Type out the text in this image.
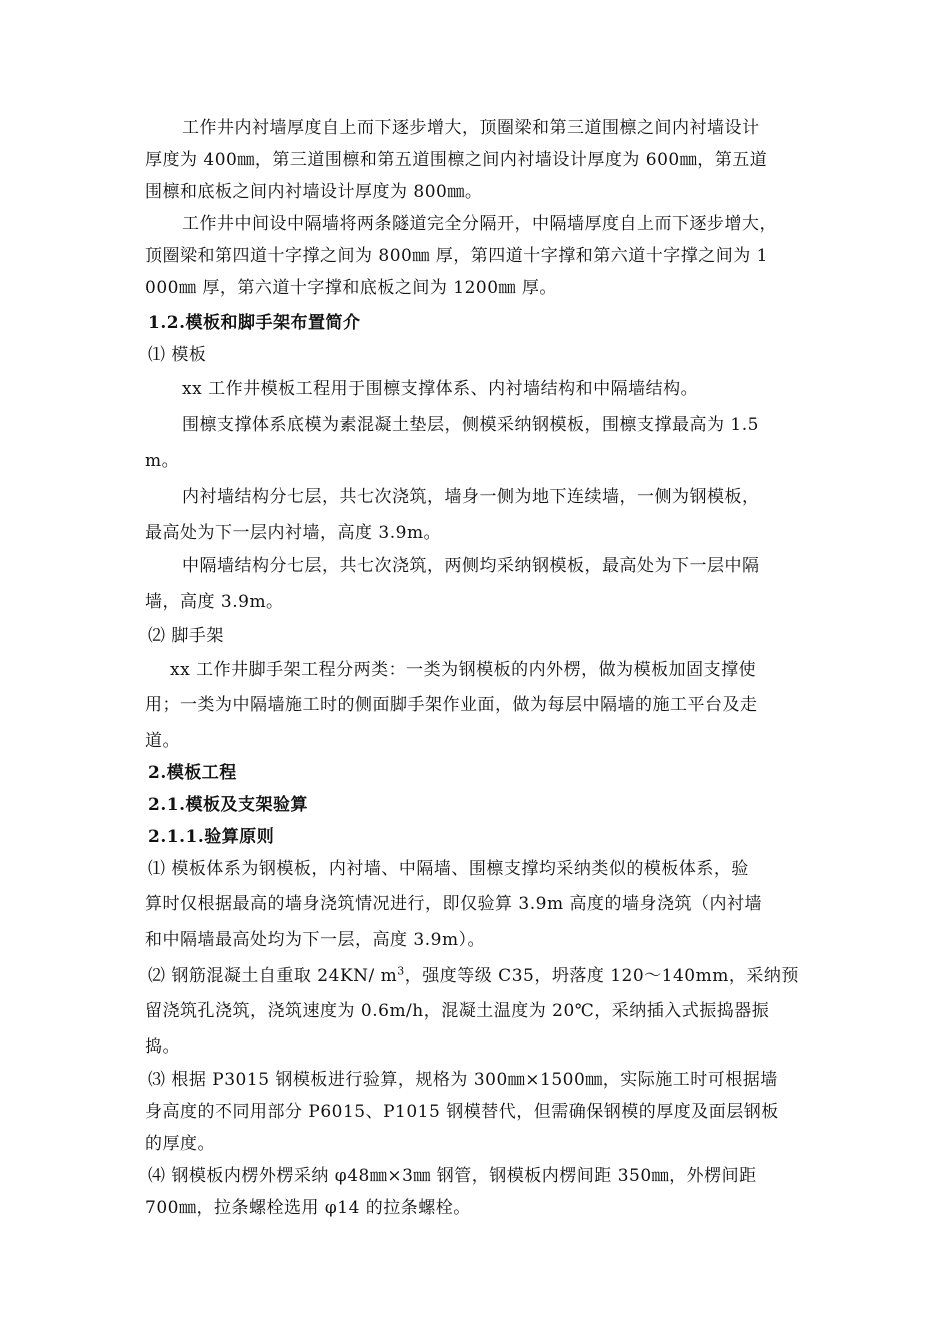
工作井内衬墙厚度自上而下逐步增大，顶圈梁和第三道围檩之间内衬墙设计
厚度为 400㎜，第三道围檩和第五道围檩之间内衬墙设计厚度为 600㎜，第五道
围檩和底板之间内衬墙设计厚度为 800㎜。
工作井中间设中隔墙将两条隧道完全分隔开，中隔墙厚度自上而下逐步增大，
顶圈梁和第四道十字撑之间为 800㎜ 厚，第四道十字撑和第六道十字撑之间为 1
000㎜ 厚，第六道十字撑和底板之间为 1200㎜ 厚。
1.2.模板和脚手架布置简介
⑴ 模板
xx 工作井模板工程用于围檩支撑体系、内衬墙结构和中隔墙结构。
围檩支撑体系底模为素混凝土垫层，侧模采纳钢模板，围檩支撑最高为 1.5
m。
内衬墙结构分七层，共七次浇筑，墙身一侧为地下连续墙，一侧为钢模板，
最高处为下一层内衬墙，高度 3.9m。
中隔墙结构分七层，共七次浇筑，两侧均采纳钢模板，最高处为下一层中隔
墙，高度 3.9m。
⑵ 脚手架
xx 工作井脚手架工程分两类：一类为钢模板的内外楞，做为模板加固支撑使
用；一类为中隔墙施工时的侧面脚手架作业面，做为每层中隔墙的施工平台及走
道。
2.模板工程
2.1.模板及支架验算
2.1.1.验算原则
⑴ 模板体系为钢模板，内衬墙、中隔墙、围檩支撑均采纳类似的模板体系，验
算时仅根据最高的墙身浇筑情况进行，即仅验算 3.9m 高度的墙身浇筑（内衬墙
和中隔墙最高处均为下一层，高度 3.9m）。
⑵ 钢筋混凝土自重取 24KN/ $m^3$，强度等级 C35，坍落度 120～140mm，采纳预
留浇筑孔浇筑，浇筑速度为 0.6m/h，混凝土温度为 20℃，采纳插入式振捣器振
捣。
⑶ 根据 P3015 钢模板进行验算，规格为 300㎜×1500㎜，实际施工时可根据墙
身高度的不同用部分 P6015、P1015 钢模替代，但需确保钢模的厚度及面层钢板
的厚度。
⑷ 钢模板内楞外楞采纳 φ48㎜×3㎜ 钢管，钢模板内楞间距 350㎜，外楞间距
700㎜，拉条螺栓选用 φ14 的拉条螺栓。
